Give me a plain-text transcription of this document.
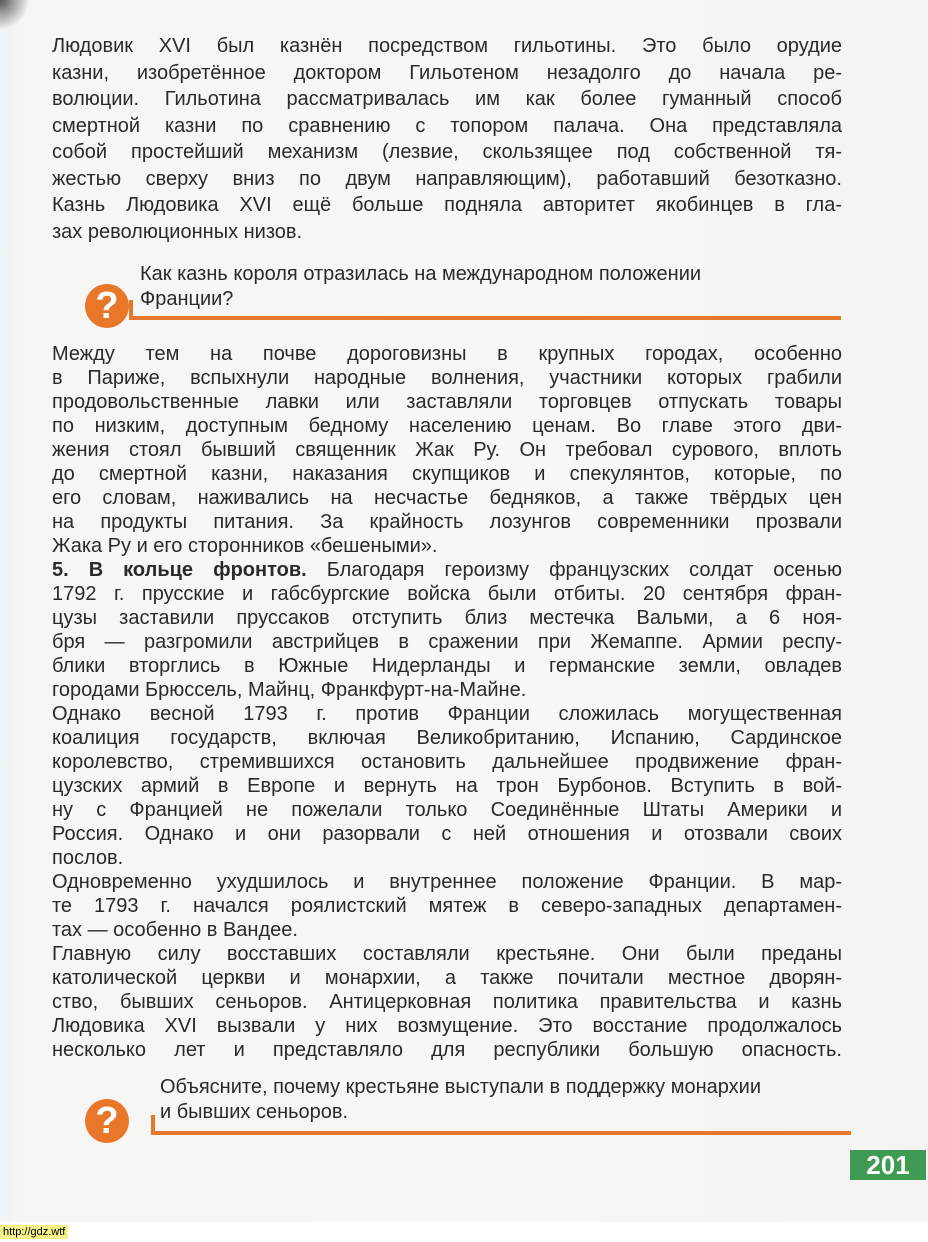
Людовик XVI был казнён посредством гильотины. Это было орудие
казни, изобретённое доктором Гильотеном незадолго до начала ре-
волюции. Гильотина рассматривалась им как более гуманный способ
смертной казни по сравнению с топором палача. Она представляла
собой простейший механизм (лезвие, скользящее под собственной тя-
жестью сверху вниз по двум направляющим), работавший безотказно.
Казнь Людовика XVI ещё больше подняла авторитет якобинцев в гла-
зах революционных низов.
?
Как казнь короля отразилась на международном положении
Франции?
Между тем на почве дороговизны в крупных городах, особенно
в Париже, вспыхнули народные волнения, участники которых грабили
продовольственные лавки или заставляли торговцев отпускать товары
по низким, доступным бедному населению ценам. Во главе этого дви-
жения стоял бывший священник Жак Ру. Он требовал сурового, вплоть
до смертной казни, наказания скупщиков и спекулянтов, которые, по
его словам, наживались на несчастье бедняков, а также твёрдых цен
на продукты питания. За крайность лозунгов современники прозвали
Жака Ру и его сторонников «бешеными».
5. В кольце фронтов. Благодаря героизму французских солдат осенью
1792 г. прусские и габсбургские войска были отбиты. 20 сентября фран-
цузы заставили пруссаков отступить близ местечка Вальми, а 6 ноя-
бря — разгромили австрийцев в сражении при Жемаппе. Армии респу-
блики вторглись в Южные Нидерланды и германские земли, овладев
городами Брюссель, Майнц, Франкфурт-на-Майне.
Однако весной 1793 г. против Франции сложилась могущественная
коалиция государств, включая Великобританию, Испанию, Сардинское
королевство, стремившихся остановить дальнейшее продвижение фран-
цузских армий в Европе и вернуть на трон Бурбонов. Вступить в вой-
ну с Францией не пожелали только Соединённые Штаты Америки и
Россия. Однако и они разорвали с ней отношения и отозвали своих
послов.
Одновременно ухудшилось и внутреннее положение Франции. В мар-
те 1793 г. начался роялистский мятеж в северо-западных департамен-
тах — особенно в Вандее.
Главную силу восставших составляли крестьяне. Они были преданы
католической церкви и монархии, а также почитали местное дворян-
ство, бывших сеньоров. Антицерковная политика правительства и казнь
Людовика XVI вызвали у них возмущение. Это восстание продолжалось
несколько лет и представляло для республики большую опасность.
?
Объясните, почему крестьяне выступали в поддержку монархии
и бывших сеньоров.
201
http://gdz.wtf
